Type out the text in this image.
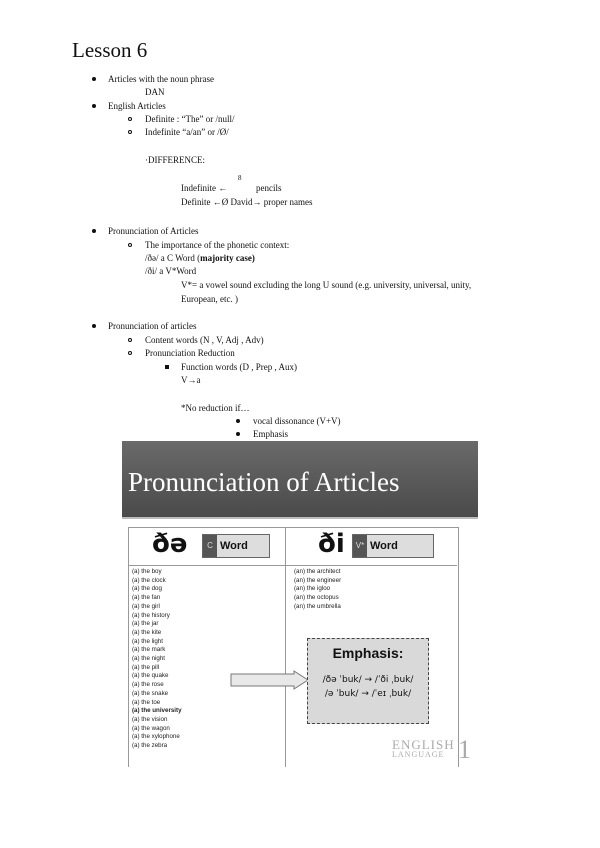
Lesson 6
Articles with the noun phrase
DAN
English Articles
Definite : “The” or /null/
Indefinite “a/an” or /Ø/
·DIFFERENCE:
8
Indefinite ←	pencils
Definite ←Ø David→ proper names
Pronunciation of Articles
The importance of the phonetic context:
/ðə/ a C Word (majority case)
/ði/ a V*Word
V*= a vowel sound excluding the long U sound (e.g. university, universal, unity,
European, etc. )
Pronunciation of articles
Content words (N , V, Adj , Adv)
Pronunciation Reduction
Function words (D , Prep , Aux)
V→a
*No reduction if…
vocal dissonance (V+V)
Emphasis
Pronunciation of Articles
ðə	C Word	ði	V* Word
(a) the boy
(a) the clock
(a) the dog
(a) the fan
(a) the girl
(a) the history
(a) the jar
(a) the kite
(a) the light
(a) the mark
(a) the night
(a) the pill
(a) the quake
(a) the rose
(a) the snake
(a) the toe
(a) the university
(a) the vision
(a) the wagon
(a) the xylophone
(a) the zebra
(an) the architect
(an) the engineer
(an) the igloo
(an) the octopus
(an) the umbrella
Emphasis:
/ðə ˈbuk/ → /ˈði ˌbuk/
/ə ˈbuk/ → /ˈeɪ ˌbuk/
ENGLISH
LANGUAGE 1
